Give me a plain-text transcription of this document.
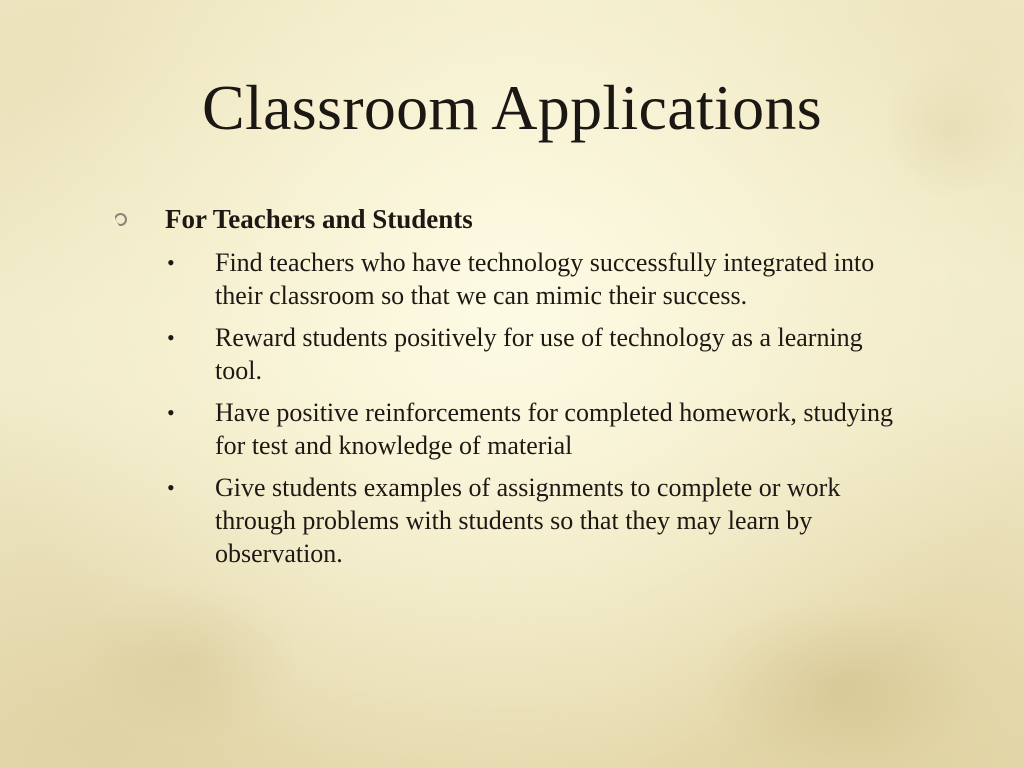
Classroom Applications
For Teachers and Students
• Find teachers who have technology successfully integrated into their classroom so that we can mimic their success.
• Reward students positively for use of technology as a learning tool.
• Have positive reinforcements for completed homework, studying for test and knowledge of material
• Give students examples of assignments to complete or work through problems with students so that they may learn by observation.
